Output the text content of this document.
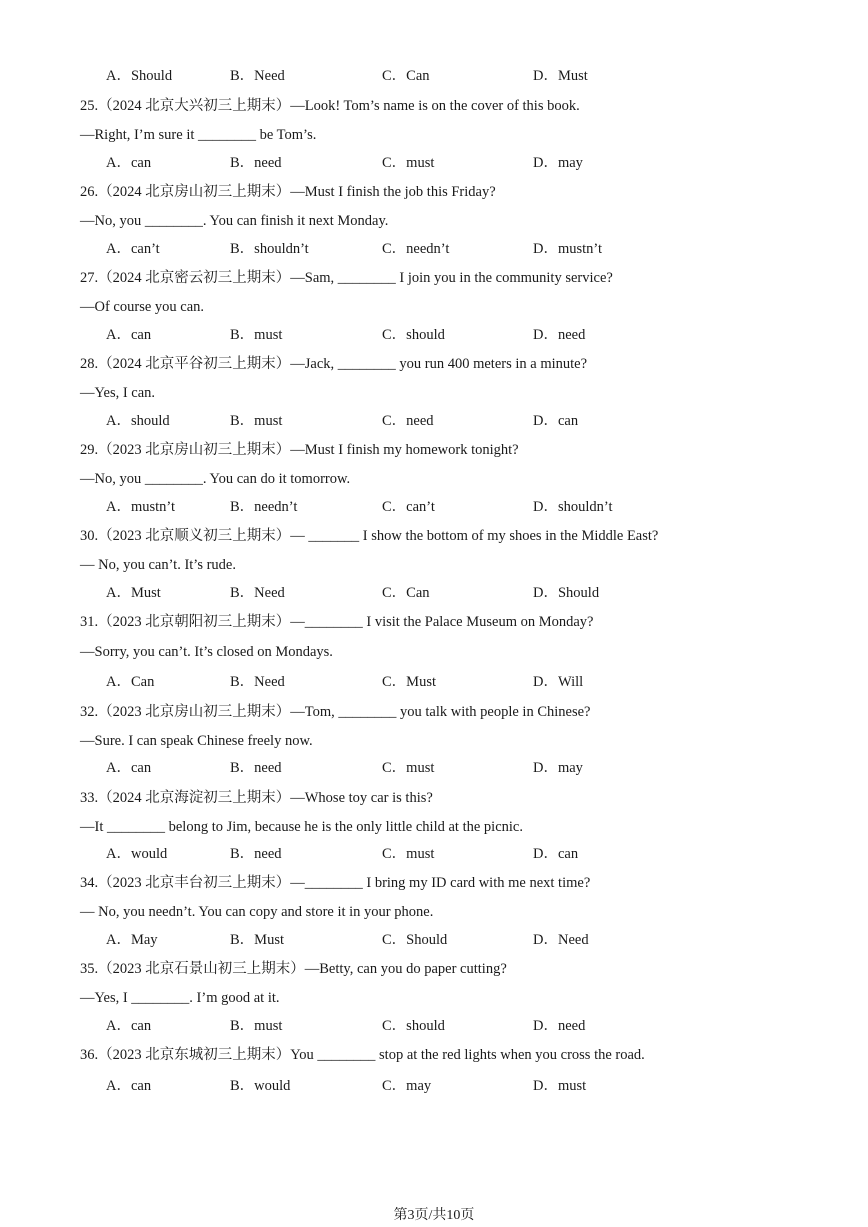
A．Should	B．Need	C．Can	D．Must
25.（2024 北京大兴初三上期末）—Look! Tom’s name is on the cover of this book.
—Right, I’m sure it ________ be Tom’s.
A．can	B．need	C．must	D．may
26.（2024 北京房山初三上期末）—Must I finish the job this Friday?
—No, you ________. You can finish it next Monday.
A．can’t	B．shouldn’t	C．needn’t	D．mustn’t
27.（2024 北京密云初三上期末）—Sam, ________ I join you in the community service?
—Of course you can.
A．can	B．must	C．should	D．need
28.（2024 北京平谷初三上期末）—Jack, ________ you run 400 meters in a minute?
—Yes, I can.
A．should	B．must	C．need	D．can
29.（2023 北京房山初三上期末）—Must I finish my homework tonight?
—No, you ________. You can do it tomorrow.
A．mustn’t	B．needn’t	C．can’t	D．shouldn’t
30.（2023 北京顺义初三上期末）— _______ I show the bottom of my shoes in the Middle East?
— No, you can’t. It’s rude.
A．Must	B．Need	C．Can	D．Should
31.（2023 北京朝阳初三上期末）—________ I visit the Palace Museum on Monday?
—Sorry, you can’t. It’s closed on Mondays.
A．Can	B．Need	C．Must	D．Will
32.（2023 北京房山初三上期末）—Tom, ________ you talk with people in Chinese?
—Sure. I can speak Chinese freely now.
A．can	B．need	C．must	D．may
33.（2024 北京海淀初三上期末）—Whose toy car is this?
—It ________ belong to Jim, because he is the only little child at the picnic.
A．would	B．need	C．must	D．can
34.（2023 北京丰台初三上期末）—________ I bring my ID card with me next time?
— No, you needn’t. You can copy and store it in your phone.
A．May	B．Must	C．Should	D．Need
35.（2023 北京石景山初三上期末）—Betty, can you do paper cutting?
—Yes, I ________. I’m good at it.
A．can	B．must	C．should	D．need
36.（2023 北京东城初三上期末）You ________ stop at the red lights when you cross the road.
A．can	B．would	C．may	D．must
第3页/共10页
